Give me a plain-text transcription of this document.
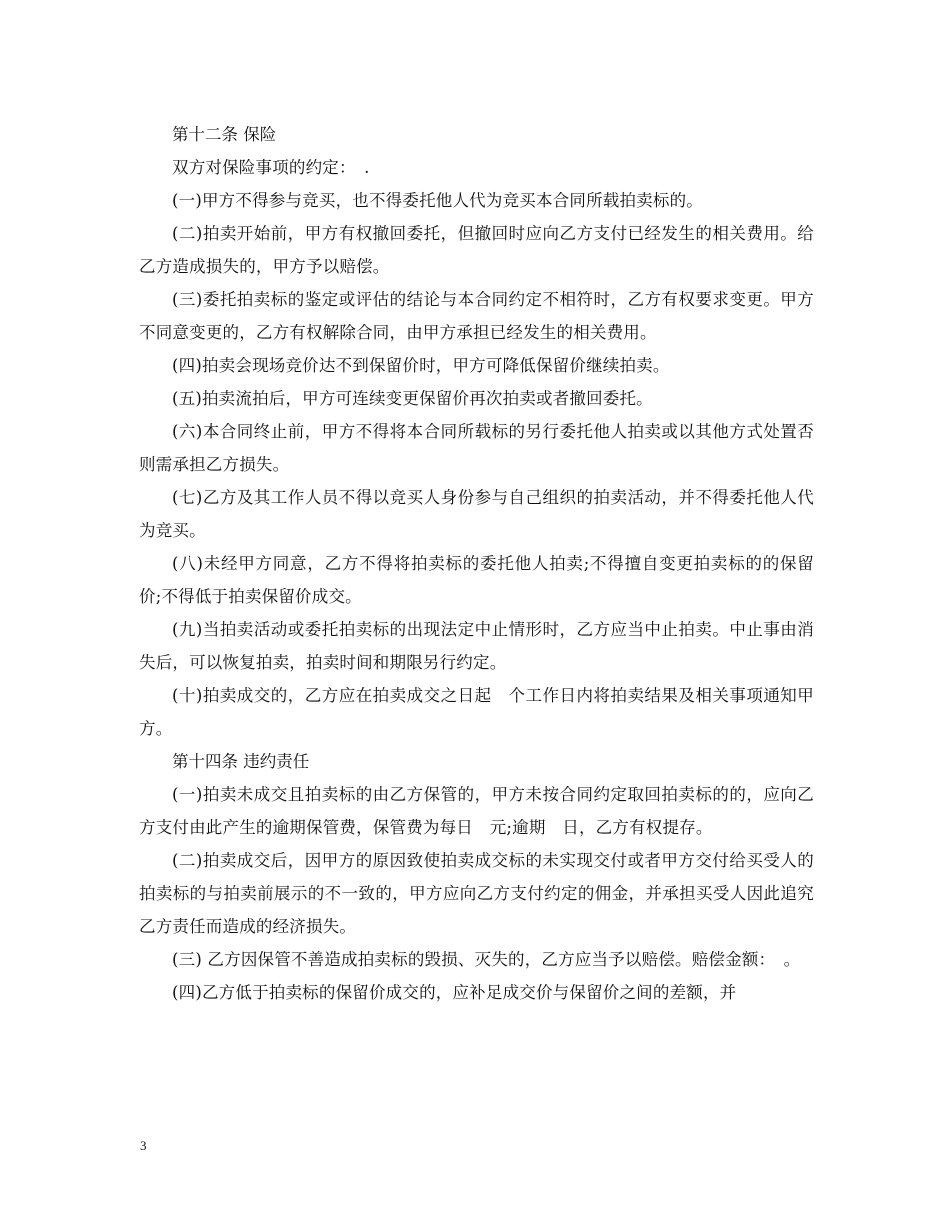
第十二条 保险

双方对保险事项的约定：　.

(一)甲方不得参与竞买，也不得委托他人代为竞买本合同所载拍卖标的。

(二)拍卖开始前，甲方有权撤回委托，但撤回时应向乙方支付已经发生的相关费用。给乙方造成损失的，甲方予以赔偿。

(三)委托拍卖标的鉴定或评估的结论与本合同约定不相符时，乙方有权要求变更。甲方不同意变更的，乙方有权解除合同，由甲方承担已经发生的相关费用。

(四)拍卖会现场竞价达不到保留价时，甲方可降低保留价继续拍卖。

(五)拍卖流拍后，甲方可连续变更保留价再次拍卖或者撤回委托。

(六)本合同终止前，甲方不得将本合同所载标的另行委托他人拍卖或以其他方式处置否则需承担乙方损失。

(七)乙方及其工作人员不得以竞买人身份参与自己组织的拍卖活动，并不得委托他人代为竞买。

(八)未经甲方同意，乙方不得将拍卖标的委托他人拍卖;不得擅自变更拍卖标的的保留价;不得低于拍卖保留价成交。

(九)当拍卖活动或委托拍卖标的出现法定中止情形时，乙方应当中止拍卖。中止事由消失后，可以恢复拍卖，拍卖时间和期限另行约定。

(十)拍卖成交的，乙方应在拍卖成交之日起　个工作日内将拍卖结果及相关事项通知甲方。

第十四条 违约责任

(一)拍卖未成交且拍卖标的由乙方保管的，甲方未按合同约定取回拍卖标的的，应向乙方支付由此产生的逾期保管费，保管费为每日　元;逾期　日，乙方有权提存。

(二)拍卖成交后，因甲方的原因致使拍卖成交标的未实现交付或者甲方交付给买受人的拍卖标的与拍卖前展示的不一致的，甲方应向乙方支付约定的佣金，并承担买受人因此追究乙方责任而造成的经济损失。

(三) 乙方因保管不善造成拍卖标的毁损、灭失的，乙方应当予以赔偿。赔偿金额：　。

(四)乙方低于拍卖标的保留价成交的，应补足成交价与保留价之间的差额，并

3
